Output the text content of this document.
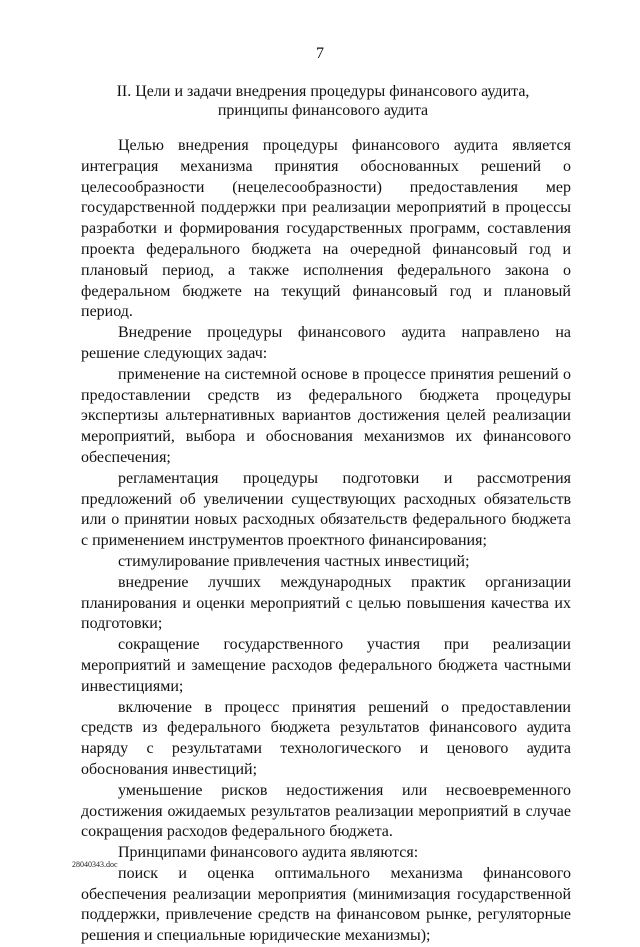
7
II. Цели и задачи внедрения процедуры финансового аудита,
принципы финансового аудита

Целью внедрения процедуры финансового аудита является интеграция механизма принятия обоснованных решений о целесообразности (нецелесообразности) предоставления мер государственной поддержки при реализации мероприятий в процессы разработки и формирования государственных программ, составления проекта федерального бюджета на очередной финансовый год и плановый период, а также исполнения федерального закона о федеральном бюджете на текущий финансовый год и плановый период.

Внедрение процедуры финансового аудита направлено на решение следующих задач:

применение на системной основе в процессе принятия решений о предоставлении средств из федерального бюджета процедуры экспертизы альтернативных вариантов достижения целей реализации мероприятий, выбора и обоснования механизмов их финансового обеспечения;

регламентация процедуры подготовки и рассмотрения предложений об увеличении существующих расходных обязательств или о принятии новых расходных обязательств федерального бюджета с применением инструментов проектного финансирования;

стимулирование привлечения частных инвестиций;

внедрение лучших международных практик организации планирования и оценки мероприятий с целью повышения качества их подготовки;

сокращение государственного участия при реализации мероприятий и замещение расходов федерального бюджета частными инвестициями;

включение в процесс принятия решений о предоставлении средств из федерального бюджета результатов финансового аудита наряду с результатами технологического и ценового аудита обоснования инвестиций;

уменьшение рисков недостижения или несвоевременного достижения ожидаемых результатов реализации мероприятий в случае сокращения расходов федерального бюджета.

Принципами финансового аудита являются:

поиск и оценка оптимального механизма финансового обеспечения реализации мероприятия (минимизация государственной поддержки, привлечение средств на финансовом рынке, регуляторные решения и специальные юридические механизмы);

28040343.doc
